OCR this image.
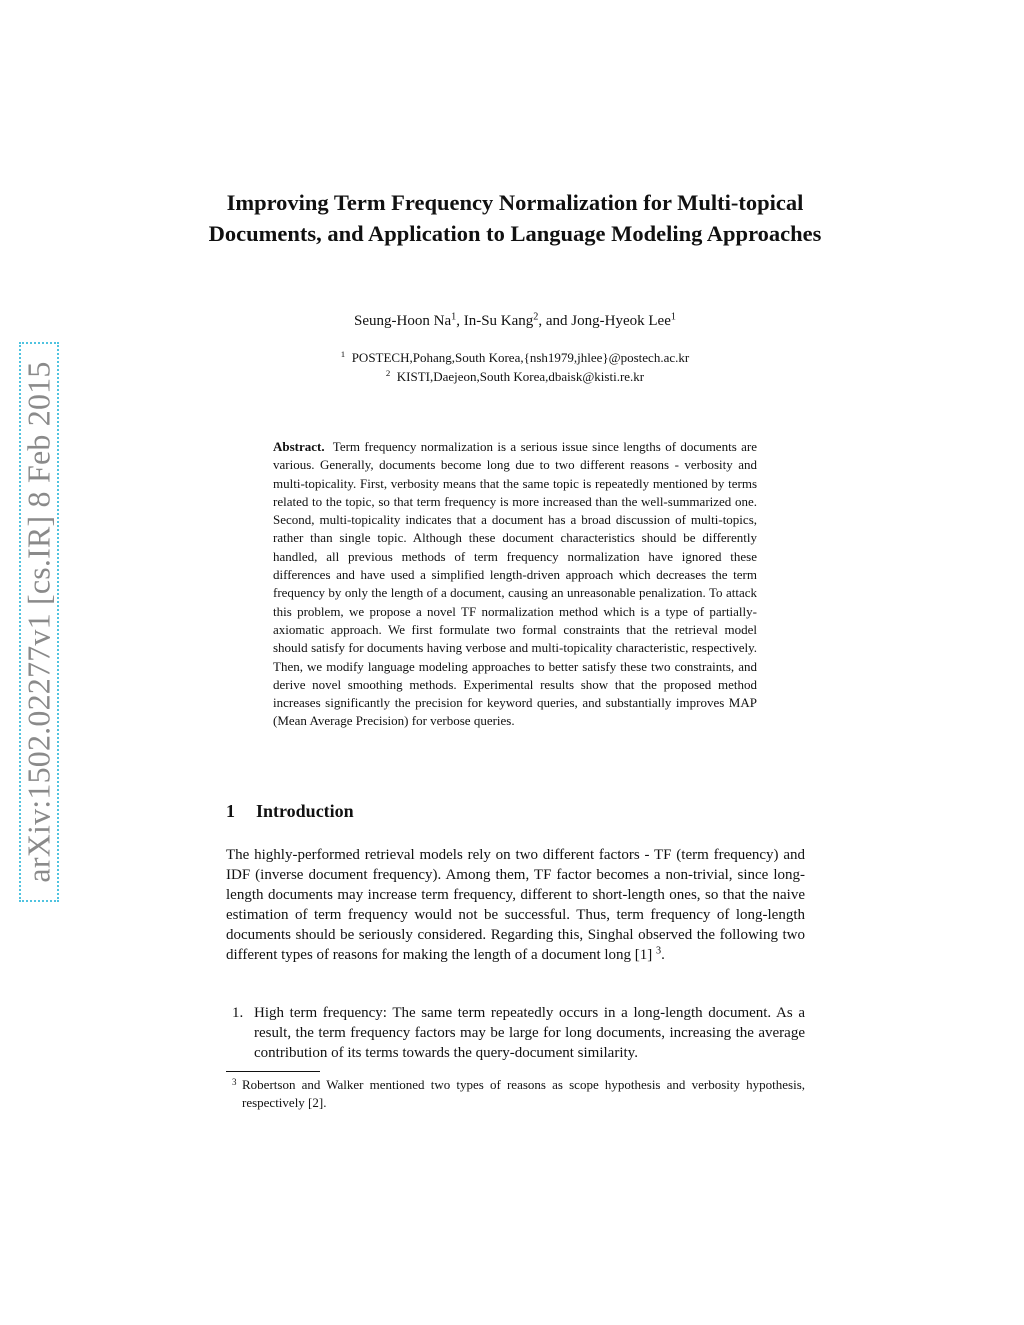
arXiv:1502.02277v1 [cs.IR] 8 Feb 2015
Improving Term Frequency Normalization for Multi-topical Documents, and Application to Language Modeling Approaches
Seung-Hoon Na$^1$, In-Su Kang$^2$, and Jong-Hyeok Lee$^1$
$^1$ POSTECH,Pohang,South Korea,{nsh1979,jhlee}@postech.ac.kr
$^2$ KISTI,Daejeon,South Korea,dbaisk@kisti.re.kr
Abstract. Term frequency normalization is a serious issue since lengths of documents are various. Generally, documents become long due to two different reasons - verbosity and multi-topicality. First, verbosity means that the same topic is repeatedly mentioned by terms related to the topic, so that term frequency is more increased than the well-summarized one. Second, multi-topicality indicates that a document has a broad discussion of multi-topics, rather than single topic. Although these document characteristics should be differently handled, all previous methods of term frequency normalization have ignored these differences and have used a simplified length-driven approach which decreases the term frequency by only the length of a document, causing an unreasonable penalization. To attack this problem, we propose a novel TF normalization method which is a type of partially-axiomatic approach. We first formulate two formal constraints that the retrieval model should satisfy for documents having verbose and multi-topicality characteristic, respectively. Then, we modify language modeling approaches to better satisfy these two constraints, and derive novel smoothing methods. Experimental results show that the proposed method increases significantly the precision for keyword queries, and substantially improves MAP (Mean Average Precision) for verbose queries.
1 Introduction
The highly-performed retrieval models rely on two different factors - TF (term frequency) and IDF (inverse document frequency). Among them, TF factor becomes a non-trivial, since long-length documents may increase term frequency, different to short-length ones, so that the naive estimation of term frequency would not be successful. Thus, term frequency of long-length documents should be seriously considered. Regarding this, Singhal observed the following two different types of reasons for making the length of a document long [1] $^3$.
1. High term frequency: The same term repeatedly occurs in a long-length document. As a result, the term frequency factors may be large for long documents, increasing the average contribution of its terms towards the query-document similarity.
3 Robertson and Walker mentioned two types of reasons as scope hypothesis and verbosity hypothesis, respectively [2].
